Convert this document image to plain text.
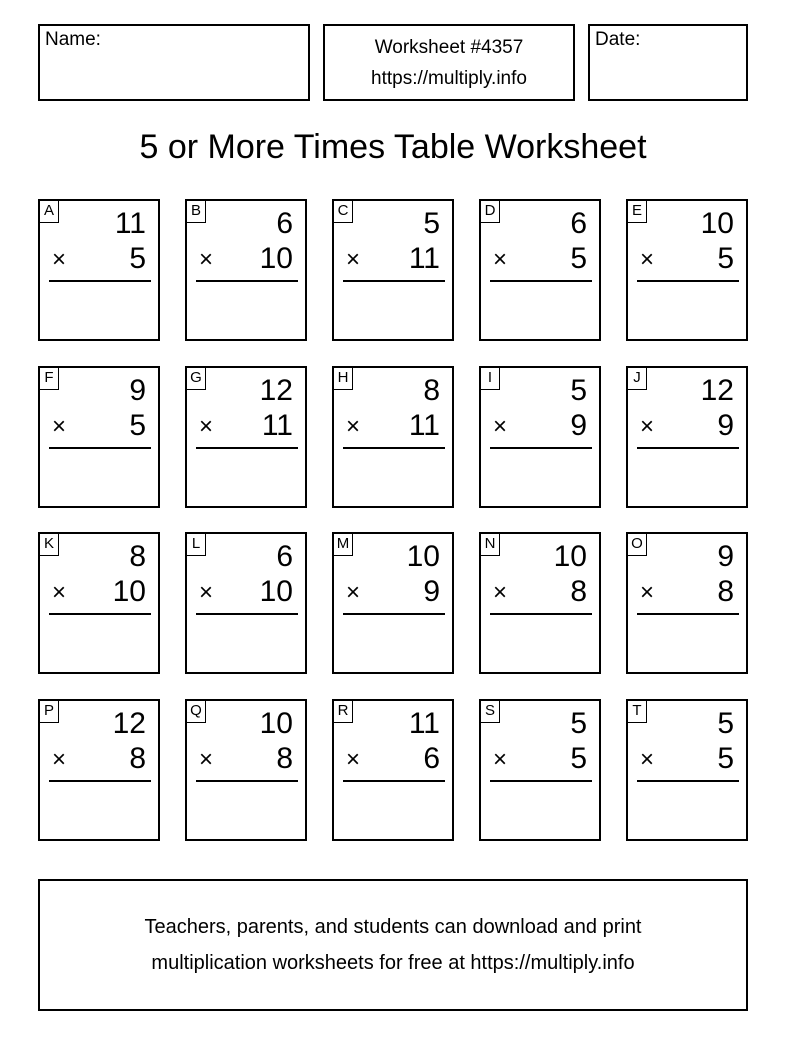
Name:	Worksheet #4357
https://multiply.info
Date:
5 or More Times Table Worksheet
A 11
× 5
B	6
× 10
C 5
× 11
D 6
× 5
E 10
× 5
F	9
× 5
G 12
× 11
H 8
× 11
I	5
× 9
J 12
× 9
K	8
× 10
L	6
× 10
M 10
× 9
N 10
× 8
O 9
× 8
P 12
× 8
Q 10
× 8
R 11
× 6
S	5
× 5
T	5
× 5
Teachers, parents, and students can download and print
multiplication worksheets for free at https://multiply.info
